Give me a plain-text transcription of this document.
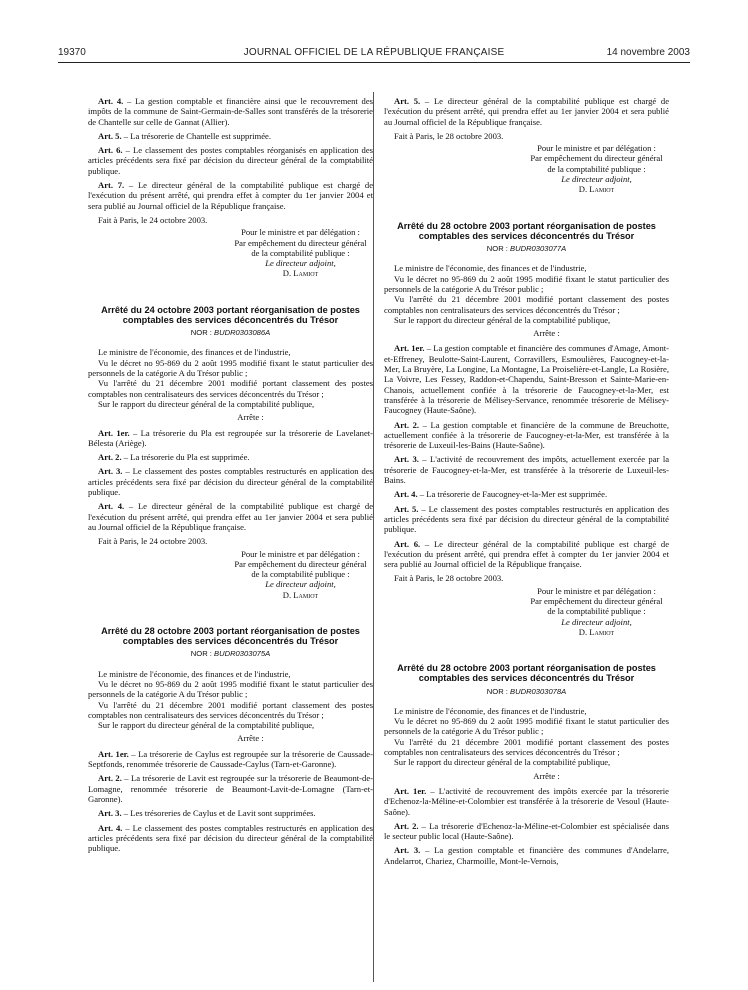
19370	JOURNAL OFFICIEL DE LA RÉPUBLIQUE FRANÇAISE	14 novembre 2003

Art. 4. – La gestion comptable et financière ainsi que le recouvrement des impôts de la commune de Saint-Germain-de-Salles sont transférés de la trésorerie de Chantelle sur celle de Gannat (Allier).

Art. 5. – La trésorerie de Chantelle est supprimée.

Art. 6. – Le classement des postes comptables réorganisés en application des articles précédents sera fixé par décision du directeur général de la comptabilité publique.

Art. 7. – Le directeur général de la comptabilité publique est chargé de l'exécution du présent arrêté, qui prendra effet à compter du 1er janvier 2004 et sera publié au Journal officiel de la République française.

Fait à Paris, le 24 octobre 2003.

Pour le ministre et par délégation :
Par empêchement du directeur général
de la comptabilité publique :
Le directeur adjoint,
D. Lamiot

Arrêté du 24 octobre 2003 portant réorganisation de postes comptables des services déconcentrés du Trésor

NOR : BUDR0303086A

Le ministre de l'économie, des finances et de l'industrie,

Vu le décret no 95-869 du 2 août 1995 modifié fixant le statut particulier des personnels de la catégorie A du Trésor public ;

Vu l'arrêté du 21 décembre 2001 modifié portant classement des postes comptables non centralisateurs des services déconcentrés du Trésor ;

Sur le rapport du directeur général de la comptabilité publique,

Arrête :

Art. 1er. – La trésorerie du Pla est regroupée sur la trésorerie de Lavelanet-Bélesta (Ariège).

Art. 2. – La trésorerie du Pla est supprimée.

Art. 3. – Le classement des postes comptables restructurés en application des articles précédents sera fixé par décision du directeur général de la comptabilité publique.

Art. 4. – Le directeur général de la comptabilité publique est chargé de l'exécution du présent arrêté, qui prendra effet au 1er janvier 2004 et sera publié au Journal officiel de la République française.

Fait à Paris, le 24 octobre 2003.

Pour le ministre et par délégation :
Par empêchement du directeur général
de la comptabilité publique :
Le directeur adjoint,
D. Lamiot

Arrêté du 28 octobre 2003 portant réorganisation de postes comptables des services déconcentrés du Trésor

NOR : BUDR0303075A

Le ministre de l'économie, des finances et de l'industrie,

Vu le décret no 95-869 du 2 août 1995 modifié fixant le statut particulier des personnels de la catégorie A du Trésor public ;

Vu l'arrêté du 21 décembre 2001 modifié portant classement des postes comptables non centralisateurs des services déconcentrés du Trésor ;

Sur le rapport du directeur général de la comptabilité publique,

Arrête :

Art. 1er. – La trésorerie de Caylus est regroupée sur la trésorerie de Caussade-Septfonds, renommée trésorerie de Caussade-Caylus (Tarn-et-Garonne).

Art. 2. – La trésorerie de Lavit est regroupée sur la trésorerie de Beaumont-de-Lomagne, renommée trésorerie de Beaumont-Lavit-de-Lomagne (Tarn-et-Garonne).

Art. 3. – Les trésoreries de Caylus et de Lavit sont supprimées.

Art. 4. – Le classement des postes comptables restructurés en application des articles précédents sera fixé par décision du directeur général de la comptabilité publique.

Art. 5. – Le directeur général de la comptabilité publique est chargé de l'exécution du présent arrêté, qui prendra effet au 1er janvier 2004 et sera publié au Journal officiel de la République française.

Fait à Paris, le 28 octobre 2003.

Pour le ministre et par délégation :
Par empêchement du directeur général
de la comptabilité publique :
Le directeur adjoint,
D. Lamiot

Arrêté du 28 octobre 2003 portant réorganisation de postes comptables des services déconcentrés du Trésor

NOR : BUDR0303077A

Le ministre de l'économie, des finances et de l'industrie,

Vu le décret no 95-869 du 2 août 1995 modifié fixant le statut particulier des personnels de la catégorie A du Trésor public ;

Vu l'arrêté du 21 décembre 2001 modifié portant classement des postes comptables non centralisateurs des services déconcentrés du Trésor ;

Sur le rapport du directeur général de la comptabilité publique,

Arrête :

Art. 1er. – La gestion comptable et financière des communes d'Amage, Amont-et-Effreney, Beulotte-Saint-Laurent, Corravillers, Esmoulières, Faucogney-et-la-Mer, La Bruyère, La Longine, La Montagne, La Proiselière-et-Langle, La Rosière, La Voivre, Les Fessey, Raddon-et-Chapendu, Saint-Bresson et Sainte-Marie-en-Chanois, actuellement confiée à la trésorerie de Faucogney-et-la-Mer, est transférée à la trésorerie de Mélisey-Servance, renommée trésorerie de Mélisey-Faucogney (Haute-Saône).

Art. 2. – La gestion comptable et financière de la commune de Breuchotte, actuellement confiée à la trésorerie de Faucogney-et-la-Mer, est transférée à la trésorerie de Luxeuil-les-Bains (Haute-Saône).

Art. 3. – L'activité de recouvrement des impôts, actuellement exercée par la trésorerie de Faucogney-et-la-Mer, est transférée à la trésorerie de Luxeuil-les-Bains.

Art. 4. – La trésorerie de Faucogney-et-la-Mer est supprimée.

Art. 5. – Le classement des postes comptables restructurés en application des articles précédents sera fixé par décision du directeur général de la comptabilité publique.

Art. 6. – Le directeur général de la comptabilité publique est chargé de l'exécution du présent arrêté, qui prendra effet à compter du 1er janvier 2004 et sera publié au Journal officiel de la République française.

Fait à Paris, le 28 octobre 2003.

Pour le ministre et par délégation :
Par empêchement du directeur général
de la comptabilité publique :
Le directeur adjoint,
D. Lamiot

Arrêté du 28 octobre 2003 portant réorganisation de postes comptables des services déconcentrés du Trésor

NOR : BUDR0303078A

Le ministre de l'économie, des finances et de l'industrie,

Vu le décret no 95-869 du 2 août 1995 modifié fixant le statut particulier des personnels de la catégorie A du Trésor public ;

Vu l'arrêté du 21 décembre 2001 modifié portant classement des postes comptables non centralisateurs des services déconcentrés du Trésor ;

Sur le rapport du directeur général de la comptabilité publique,

Arrête :

Art. 1er. – L'activité de recouvrement des impôts exercée par la trésorerie d'Echenoz-la-Méline-et-Colombier est transférée à la trésorerie de Vesoul (Haute-Saône).

Art. 2. – La trésorerie d'Echenoz-la-Méline-et-Colombier est spécialisée dans le secteur public local (Haute-Saône).

Art. 3. – La gestion comptable et financière des communes d'Andelarre, Andelarrot, Chariez, Charmoille, Mont-le-Vernois,
